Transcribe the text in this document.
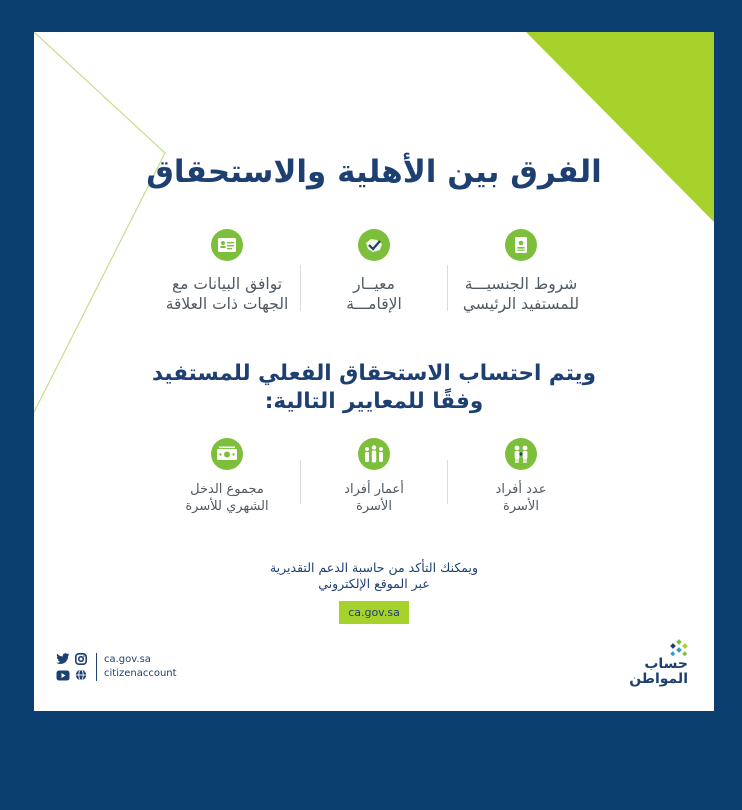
الفرق بين الأهلية والاستحقاق
شروط الجنسيـــة
للمستفيد الرئيسي
معيــار
الإقامـــة
توافق البيانات مع
الجهات ذات العلاقة
ويتم احتساب الاستحقاق الفعلي للمستفيد
وفقًا للمعايير التالية:
عدد أفراد
الأسرة
أعمار أفراد
الأسرة
مجموع الدخل
الشهري للأسرة
ويمكنك التأكد من حاسبة الدعم التقديرية
عبر الموقع الإلكتروني
ca.gov.sa
ca.gov.sa
citizenaccount
حساب
المواطن
